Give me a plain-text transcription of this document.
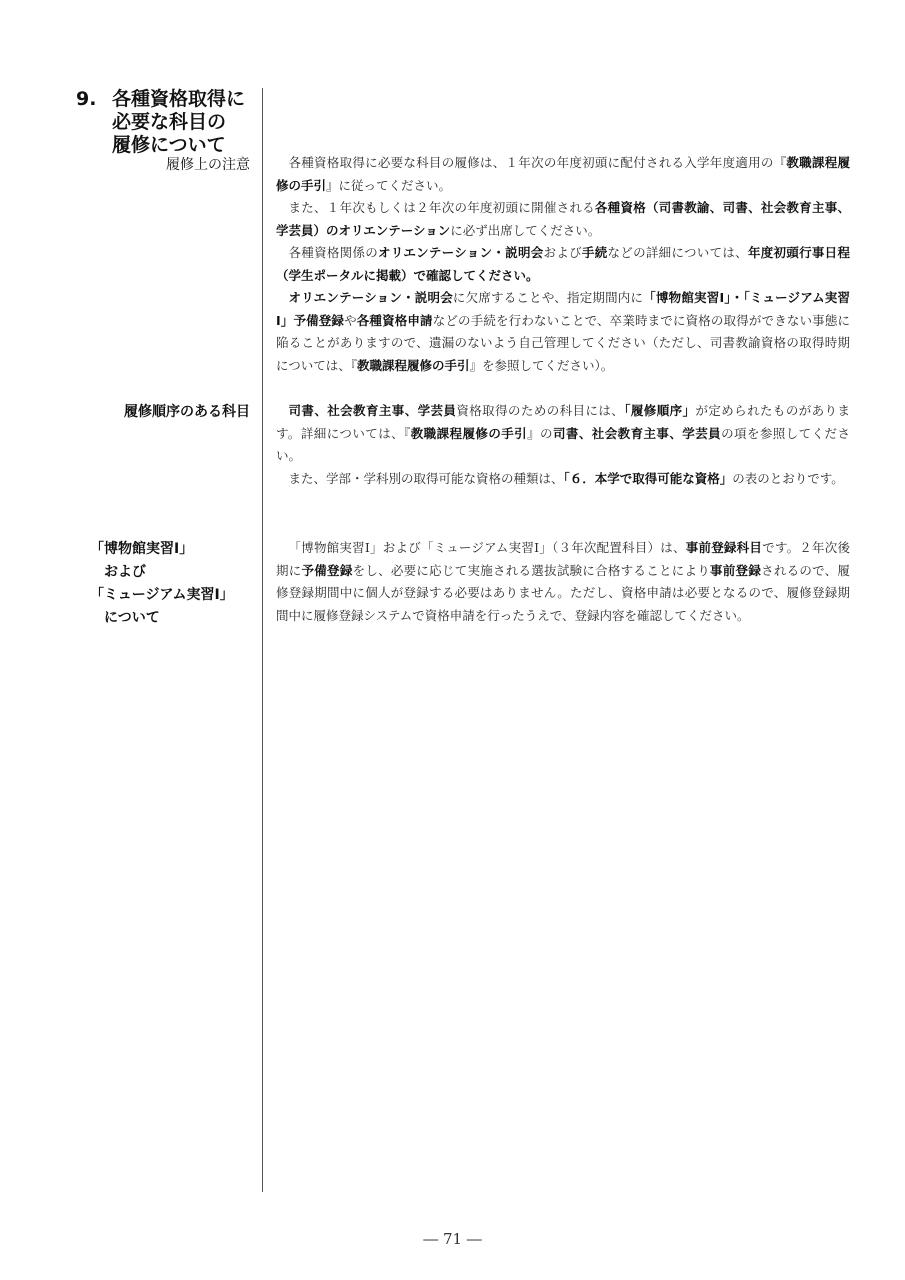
9. 各種資格取得に
必要な科目の
履修について
履修上の注意
履修順序のある科目
「博物館実習Ⅰ」
　および
「ミュージアム実習Ⅰ」
　について

各種資格取得に必要な科目の履修は、１年次の年度初頭に配付される入学年度適用の『教職課程履修の手引』に従ってください。

また、１年次もしくは２年次の年度初頭に開催される各種資格（司書教諭、司書、社会教育主事、学芸員）のオリエンテーションに必ず出席してください。

各種資格関係のオリエンテーション・説明会および手続などの詳細については、年度初頭行事日程（学生ポータルに掲載）で確認してください。

オリエンテーション・説明会に欠席することや、指定期間内に「博物館実習Ⅰ」・「ミュージアム実習Ⅰ」予備登録や各種資格申請などの手続を行わないことで、卒業時までに資格の取得ができない事態に陥ることがありますので、遺漏のないよう自己管理してください（ただし、司書教諭資格の取得時期については、『教職課程履修の手引』を参照してください）。

司書、社会教育主事、学芸員資格取得のための科目には、「履修順序」が定められたものがあります。詳細については、『教職課程履修の手引』の司書、社会教育主事、学芸員の項を参照してください。

また、学部・学科別の取得可能な資格の種類は、「６．本学で取得可能な資格」の表のとおりです。

「博物館実習Ⅰ」および「ミュージアム実習Ⅰ」（３年次配置科目）は、事前登録科目です。２年次後期に予備登録をし、必要に応じて実施される選抜試験に合格することにより事前登録されるので、履修登録期間中に個人が登録する必要はありません。ただし、資格申請は必要となるので、履修登録期間中に履修登録システムで資格申請を行ったうえで、登録内容を確認してください。

― 71 ―
